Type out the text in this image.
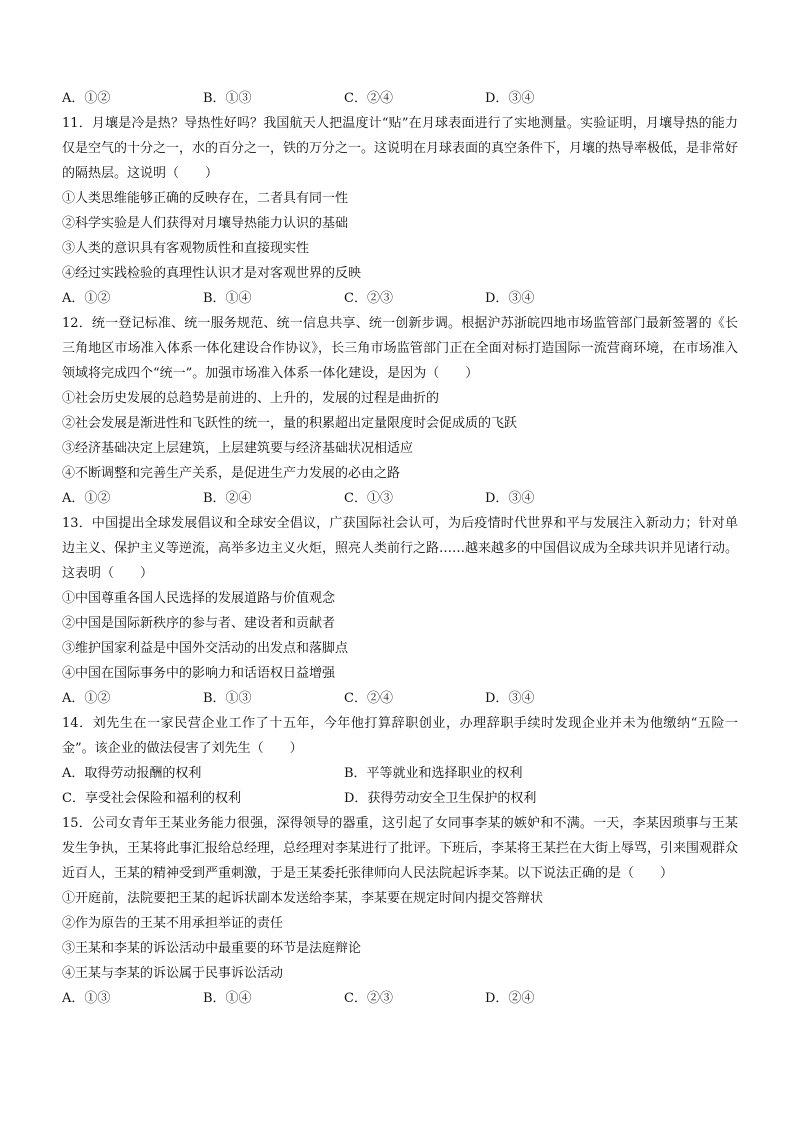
A．①②	B．①③	C．②④	D．③④

11．月壤是冷是热？导热性好吗？我国航天人把温度计“贴”在月球表面进行了实地测量。实验证明，月壤导热的能力仅是空气的十分之一，水的百分之一，铁的万分之一。这说明在月球表面的真空条件下，月壤的热导率极低，是非常好的隔热层。这说明（　　）

①人类思维能够正确的反映存在，二者具有同一性

②科学实验是人们获得对月壤导热能力认识的基础

③人类的意识具有客观物质性和直接现实性

④经过实践检验的真理性认识才是对客观世界的反映

A．①②	B．①④	C．②③	D．③④

12．统一登记标准、统一服务规范、统一信息共享、统一创新步调。根据沪苏浙皖四地市场监管部门最新签署的《长三角地区市场准入体系一体化建设合作协议》，长三角市场监管部门正在全面对标打造国际一流营商环境，在市场准入领域将完成四个“统一”。加强市场准入体系一体化建设，是因为（　　）

①社会历史发展的总趋势是前进的、上升的，发展的过程是曲折的

②社会发展是渐进性和飞跃性的统一，量的积累超出定量限度时会促成质的飞跃

③经济基础决定上层建筑，上层建筑要与经济基础状况相适应

④不断调整和完善生产关系，是促进生产力发展的必由之路

A．①②	B．②④	C．①③	D．③④

13．中国提出全球发展倡议和全球安全倡议，广获国际社会认可，为后疫情时代世界和平与发展注入新动力；针对单边主义、保护主义等逆流，高举多边主义火炬，照亮人类前行之路……越来越多的中国倡议成为全球共识并见诸行动。这表明（　　）

①中国尊重各国人民选择的发展道路与价值观念

②中国是国际新秩序的参与者、建设者和贡献者

③维护国家利益是中国外交活动的出发点和落脚点

④中国在国际事务中的影响力和话语权日益增强

A．①②	B．①③	C．②④	D．③④

14．刘先生在一家民营企业工作了十五年，今年他打算辞职创业，办理辞职手续时发现企业并未为他缴纳“五险一金”。该企业的做法侵害了刘先生（　　）

A．取得劳动报酬的权利	B．平等就业和选择职业的权利
C．享受社会保险和福利的权利	D．获得劳动安全卫生保护的权利

15．公司女青年王某业务能力很强，深得领导的器重，这引起了女同事李某的嫉妒和不满。一天，李某因琐事与王某发生争执，王某将此事汇报给总经理，总经理对李某进行了批评。下班后，李某将王某拦在大街上辱骂，引来围观群众近百人，王某的精神受到严重刺激，于是王某委托张律师向人民法院起诉李某。以下说法正确的是（　　）

①开庭前，法院要把王某的起诉状副本发送给李某，李某要在规定时间内提交答辩状

②作为原告的王某不用承担举证的责任

③王某和李某的诉讼活动中最重要的环节是法庭辩论

④王某与李某的诉讼属于民事诉讼活动

A．①③	B．①④	C．②③	D．②④
